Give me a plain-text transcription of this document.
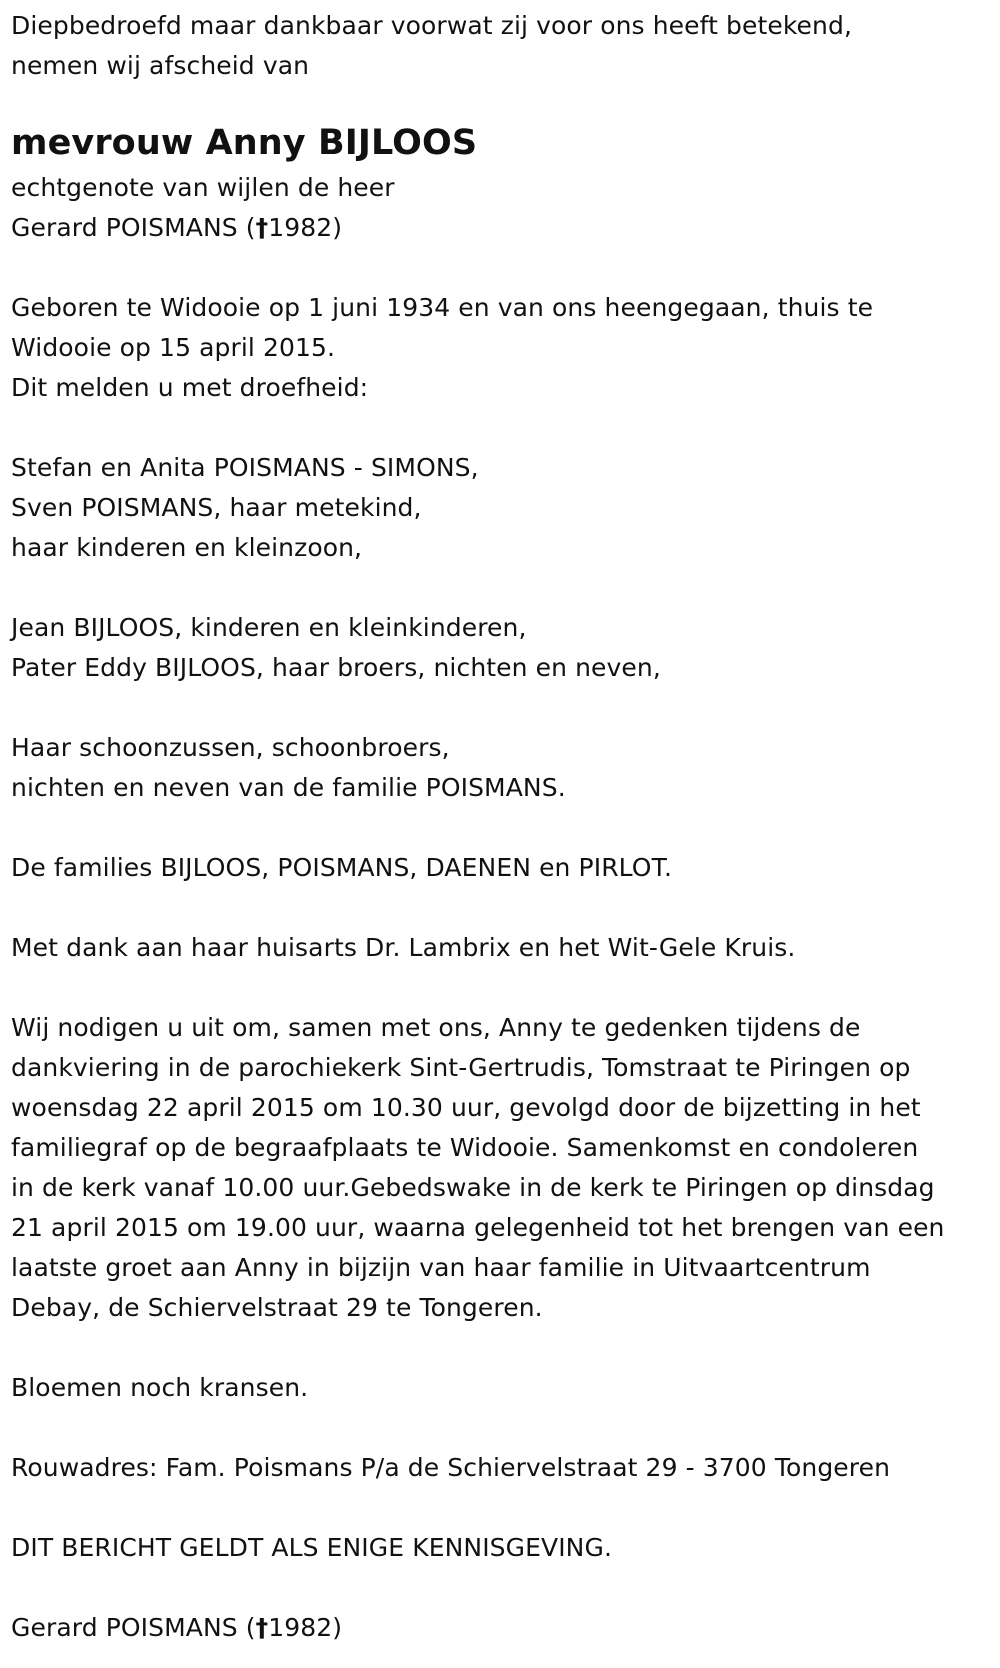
Diepbedroefd maar dankbaar voorwat zij voor ons heeft betekend,

nemen wij afscheid van

mevrouw Anny BIJLOOS

echtgenote van wijlen de heer

Gerard POISMANS (†1982)

Geboren te Widooie op 1 juni 1934 en van ons heengegaan, thuis te

Widooie op 15 april 2015.

Dit melden u met droefheid:

Stefan en Anita POISMANS - SIMONS,

Sven POISMANS, haar metekind,

haar kinderen en kleinzoon,

Jean BIJLOOS, kinderen en kleinkinderen,

Pater Eddy BIJLOOS, haar broers, nichten en neven,

Haar schoonzussen, schoonbroers,

nichten en neven van de familie POISMANS.

De families BIJLOOS, POISMANS, DAENEN en PIRLOT.

Met dank aan haar huisarts Dr. Lambrix en het Wit-Gele Kruis.

Wij nodigen u uit om, samen met ons, Anny te gedenken tijdens de

dankviering in de parochiekerk Sint-Gertrudis, Tomstraat te Piringen op

woensdag 22 april 2015 om 10.30 uur, gevolgd door de bijzetting in het

familiegraf op de begraafplaats te Widooie. Samenkomst en condoleren

in de kerk vanaf 10.00 uur.Gebedswake in de kerk te Piringen op dinsdag

21 april 2015 om 19.00 uur, waarna gelegenheid tot het brengen van een

laatste groet aan Anny in bijzijn van haar familie in Uitvaartcentrum

Debay, de Schiervelstraat 29 te Tongeren.

Bloemen noch kransen.

Rouwadres: Fam. Poismans P/a de Schiervelstraat 29 - 3700 Tongeren

DIT BERICHT GELDT ALS ENIGE KENNISGEVING.

Gerard POISMANS (†1982)
